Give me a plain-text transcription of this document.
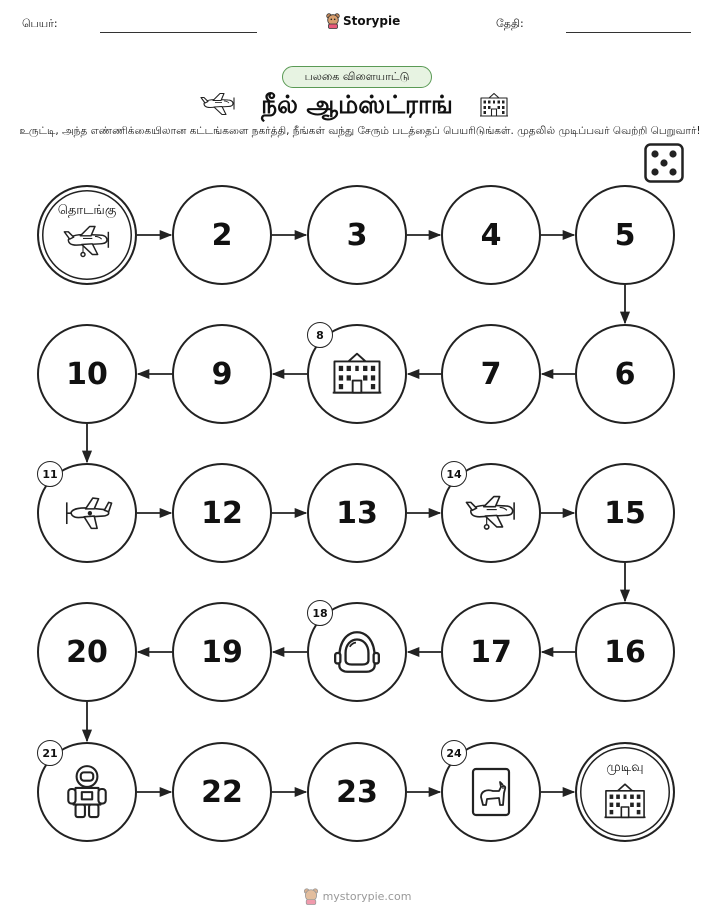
பெயர்:	Storypie	தேதி:
பலகை விளையாட்டு
நீல் ஆம்ஸ்ட்ராங்
உருட்டி, அந்த எண்ணிக்கையிலான கட்டங்களை நகர்த்தி, நீங்கள் வந்து சேரும் படத்தைப் பெயரிடுங்கள். முதலில் முடிப்பவர் வெற்றி பெறுவார்!
தொடங்கு
2	3	4	5
6
7
8
9
10
11
12	13
14
15
16
17
18
19
20
21
22	23
24
முடிவு
mystorypie.com
